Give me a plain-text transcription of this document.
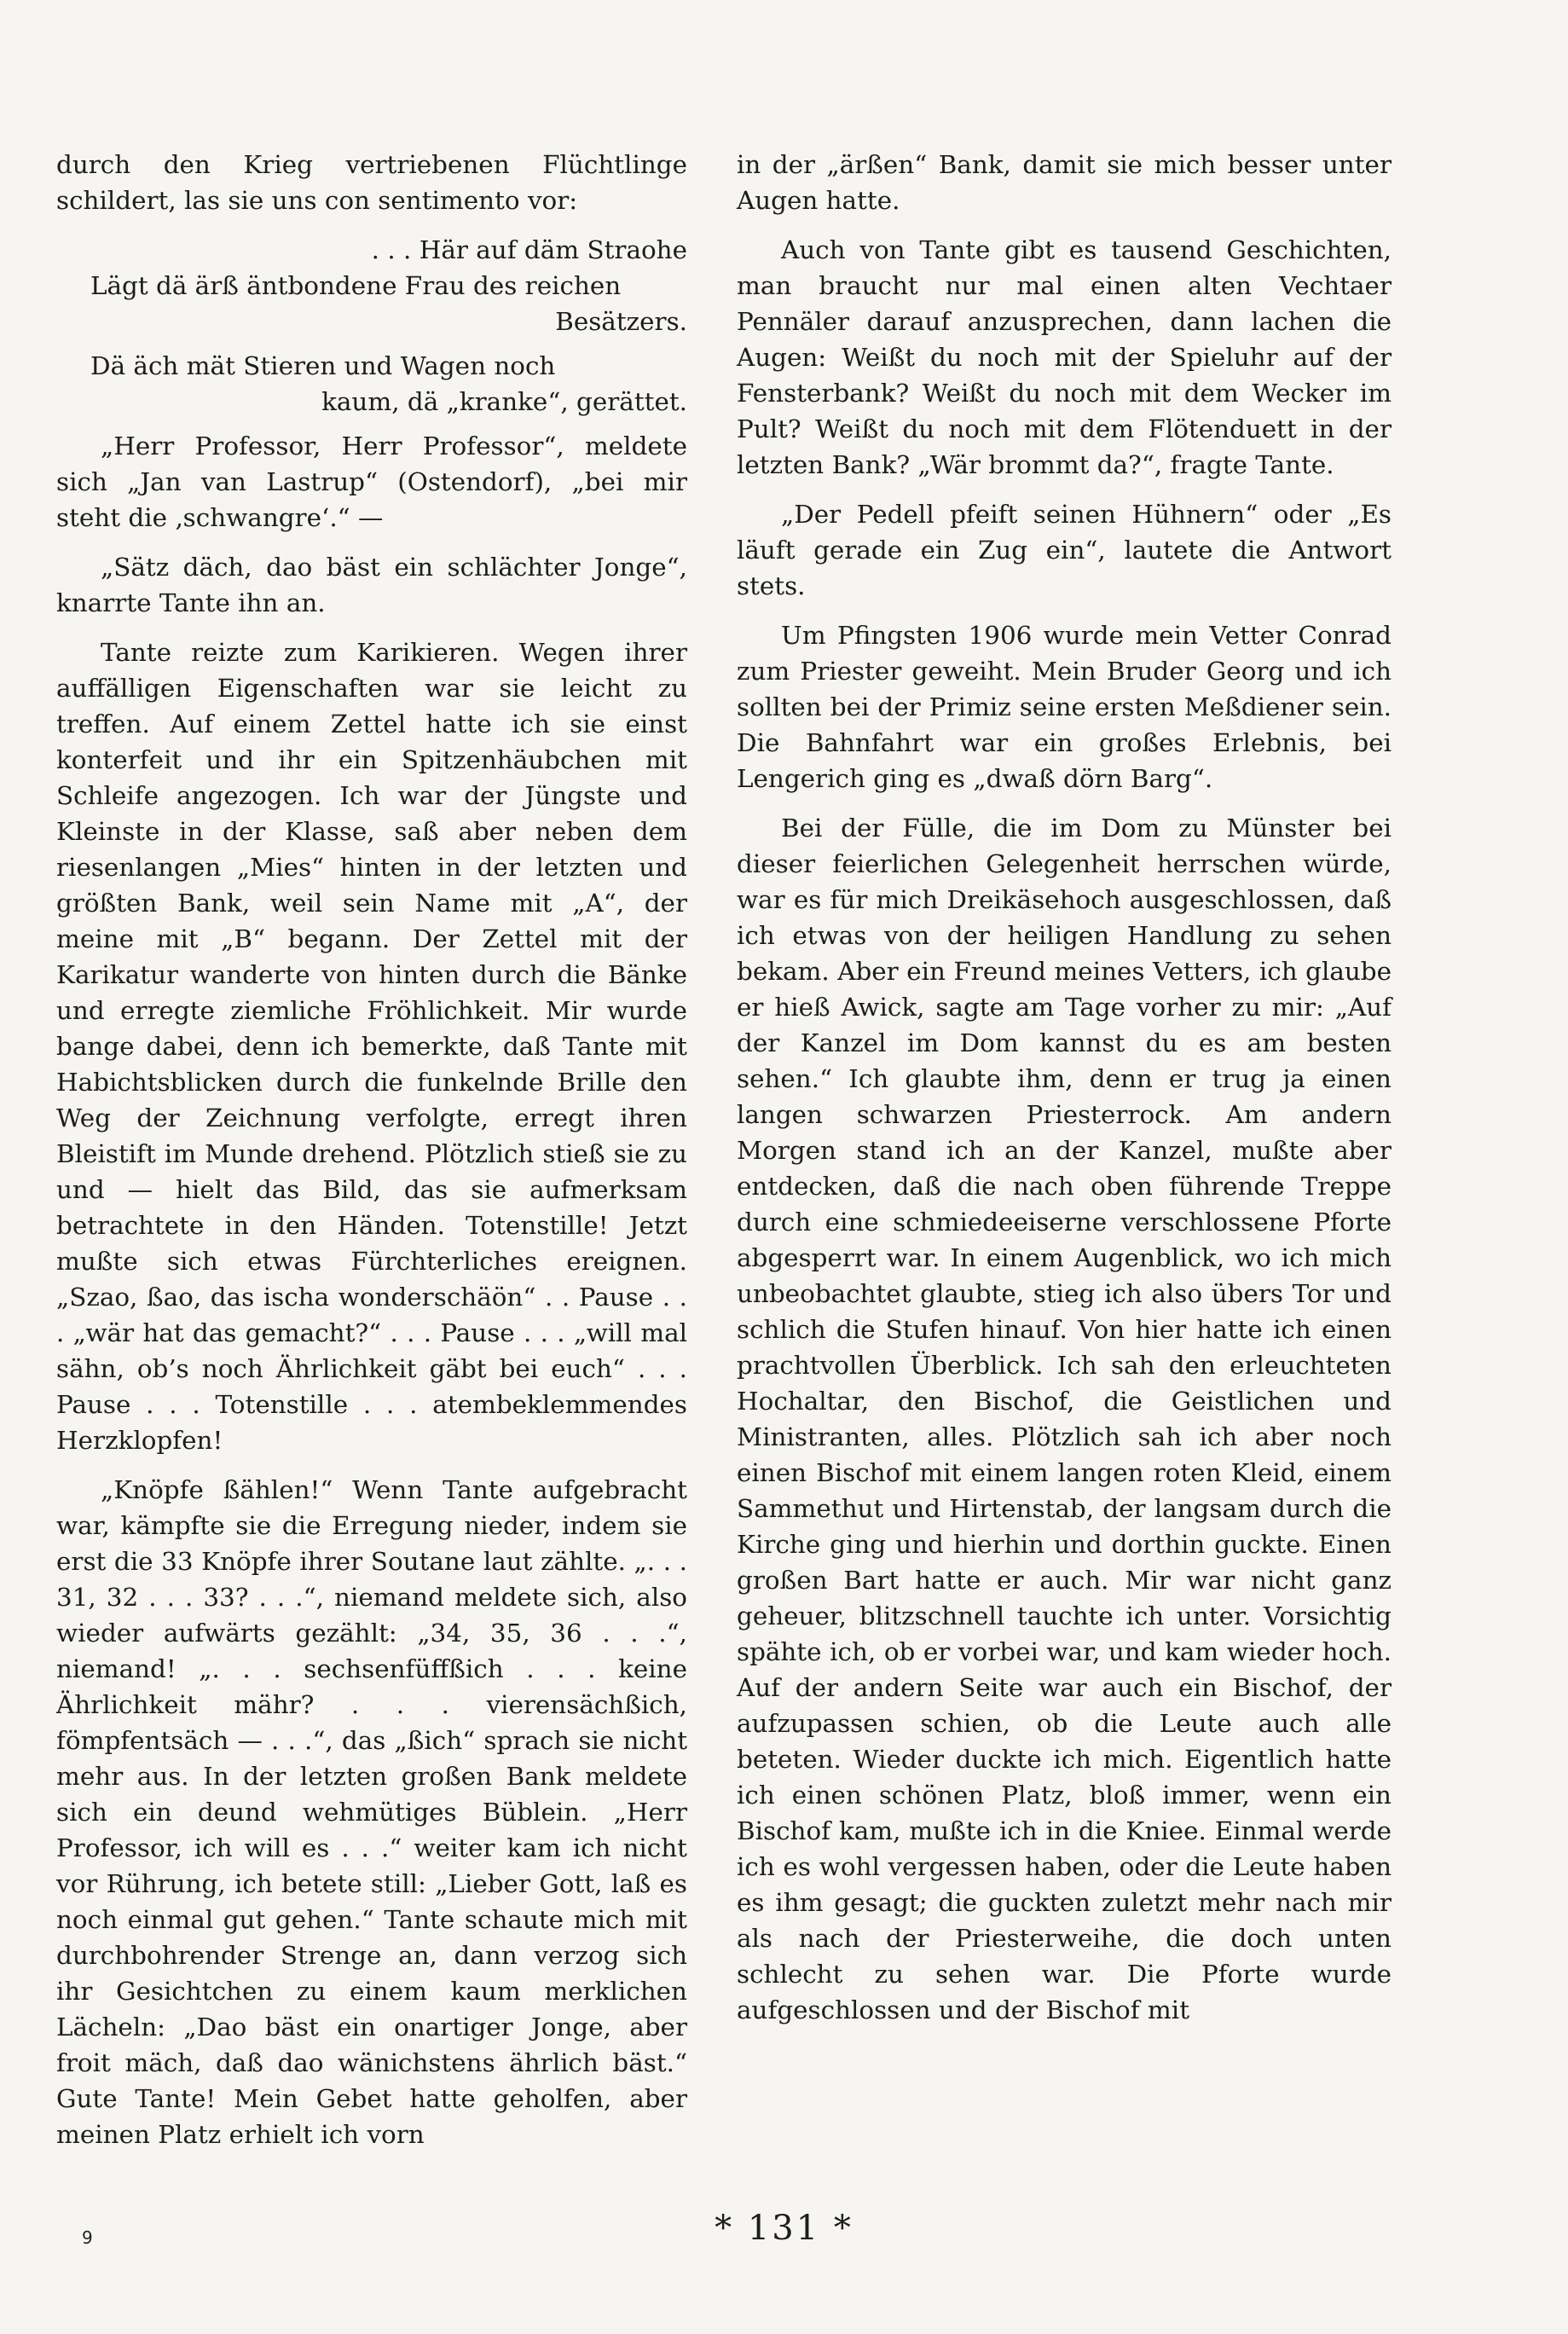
durch den Krieg vertriebenen Flüchtlinge schildert, las sie uns con sentimento vor:

. . . Här auf däm Straohe
Lägt dä ärß äntbondene Frau des reichen
Besätzers.
Dä äch mät Stieren und Wagen noch
kaum, dä „kranke“, gerättet.

„Herr Professor, Herr Professor“, meldete sich „Jan van Lastrup“ (Ostendorf), „bei mir steht die ‚schwangre‘.“ —

„Sätz däch, dao bäst ein schlächter Jonge“, knarrte Tante ihn an.

Tante reizte zum Karikieren. Wegen ihrer auffälligen Eigenschaften war sie leicht zu treffen. Auf einem Zettel hatte ich sie einst konterfeit und ihr ein Spitzenhäubchen mit Schleife angezogen. Ich war der Jüngste und Kleinste in der Klasse, saß aber neben dem riesenlangen „Mies“ hinten in der letzten und größten Bank, weil sein Name mit „A“, der meine mit „B“ begann. Der Zettel mit der Karikatur wanderte von hinten durch die Bänke und erregte ziemliche Fröhlichkeit. Mir wurde bange dabei, denn ich bemerkte, daß Tante mit Habichtsblicken durch die funkelnde Brille den Weg der Zeichnung verfolgte, erregt ihren Bleistift im Munde drehend. Plötzlich stieß sie zu und — hielt das Bild, das sie aufmerksam betrachtete in den Händen. Totenstille! Jetzt mußte sich etwas Fürchterliches ereignen. „Szao, ßao, das ischa wonderschäön“ . . Pause . . . „wär hat das gemacht?“ . . . Pause . . . „will mal sähn, ob’s noch Ährlichkeit gäbt bei euch“ . . . Pause . . . Totenstille . . . atembeklemmendes Herzklopfen!

„Knöpfe ßählen!“ Wenn Tante aufgebracht war, kämpfte sie die Erregung nieder, indem sie erst die 33 Knöpfe ihrer Soutane laut zählte. „. . . 31, 32 . . . 33? . . .“, niemand meldete sich, also wieder aufwärts gezählt: „34, 35, 36 . . .“, niemand! „. . . sechsenfüffßich . . . keine Ährlichkeit mähr? . . . vierensächßich, fömpfentsäch — . . .“, das „ßich“ sprach sie nicht mehr aus. In der letzten großen Bank meldete sich ein deund wehmütiges Büblein. „Herr Professor, ich will es . . .“ weiter kam ich nicht vor Rührung, ich betete still: „Lieber Gott, laß es noch einmal gut gehen.“ Tante schaute mich mit durchbohrender Strenge an, dann verzog sich ihr Gesichtchen zu einem kaum merklichen Lächeln: „Dao bäst ein onartiger Jonge, aber froit mäch, daß dao wänichstens ährlich bäst.“ Gute Tante! Mein Gebet hatte geholfen, aber meinen Platz erhielt ich vorn

in der „ärßen“ Bank, damit sie mich besser unter Augen hatte.

Auch von Tante gibt es tausend Geschichten, man braucht nur mal einen alten Vechtaer Pennäler darauf anzusprechen, dann lachen die Augen: Weißt du noch mit der Spieluhr auf der Fensterbank? Weißt du noch mit dem Wecker im Pult? Weißt du noch mit dem Flötenduett in der letzten Bank? „Wär brommt da?“, fragte Tante.

„Der Pedell pfeift seinen Hühnern“ oder „Es läuft gerade ein Zug ein“, lautete die Antwort stets.

Um Pfingsten 1906 wurde mein Vetter Conrad zum Priester geweiht. Mein Bruder Georg und ich sollten bei der Primiz seine ersten Meßdiener sein. Die Bahnfahrt war ein großes Erlebnis, bei Lengerich ging es „dwaß dörn Barg“.

Bei der Fülle, die im Dom zu Münster bei dieser feierlichen Gelegenheit herrschen würde, war es für mich Dreikäsehoch ausgeschlossen, daß ich etwas von der heiligen Handlung zu sehen bekam. Aber ein Freund meines Vetters, ich glaube er hieß Awick, sagte am Tage vorher zu mir: „Auf der Kanzel im Dom kannst du es am besten sehen.“ Ich glaubte ihm, denn er trug ja einen langen schwarzen Priesterrock. Am andern Morgen stand ich an der Kanzel, mußte aber entdecken, daß die nach oben führende Treppe durch eine schmiedeeiserne verschlossene Pforte abgesperrt war. In einem Augenblick, wo ich mich unbeobachtet glaubte, stieg ich also übers Tor und schlich die Stufen hinauf. Von hier hatte ich einen prachtvollen Überblick. Ich sah den erleuchteten Hochaltar, den Bischof, die Geistlichen und Ministranten, alles. Plötzlich sah ich aber noch einen Bischof mit einem langen roten Kleid, einem Sammethut und Hirtenstab, der langsam durch die Kirche ging und hierhin und dorthin guckte. Einen großen Bart hatte er auch. Mir war nicht ganz geheuer, blitzschnell tauchte ich unter. Vorsichtig spähte ich, ob er vorbei war, und kam wieder hoch. Auf der andern Seite war auch ein Bischof, der aufzupassen schien, ob die Leute auch alle beteten. Wieder duckte ich mich. Eigentlich hatte ich einen schönen Platz, bloß immer, wenn ein Bischof kam, mußte ich in die Kniee. Einmal werde ich es wohl vergessen haben, oder die Leute haben es ihm gesagt; die guckten zuletzt mehr nach mir als nach der Priesterweihe, die doch unten schlecht zu sehen war. Die Pforte wurde aufgeschlossen und der Bischof mit

9	* 131 *
